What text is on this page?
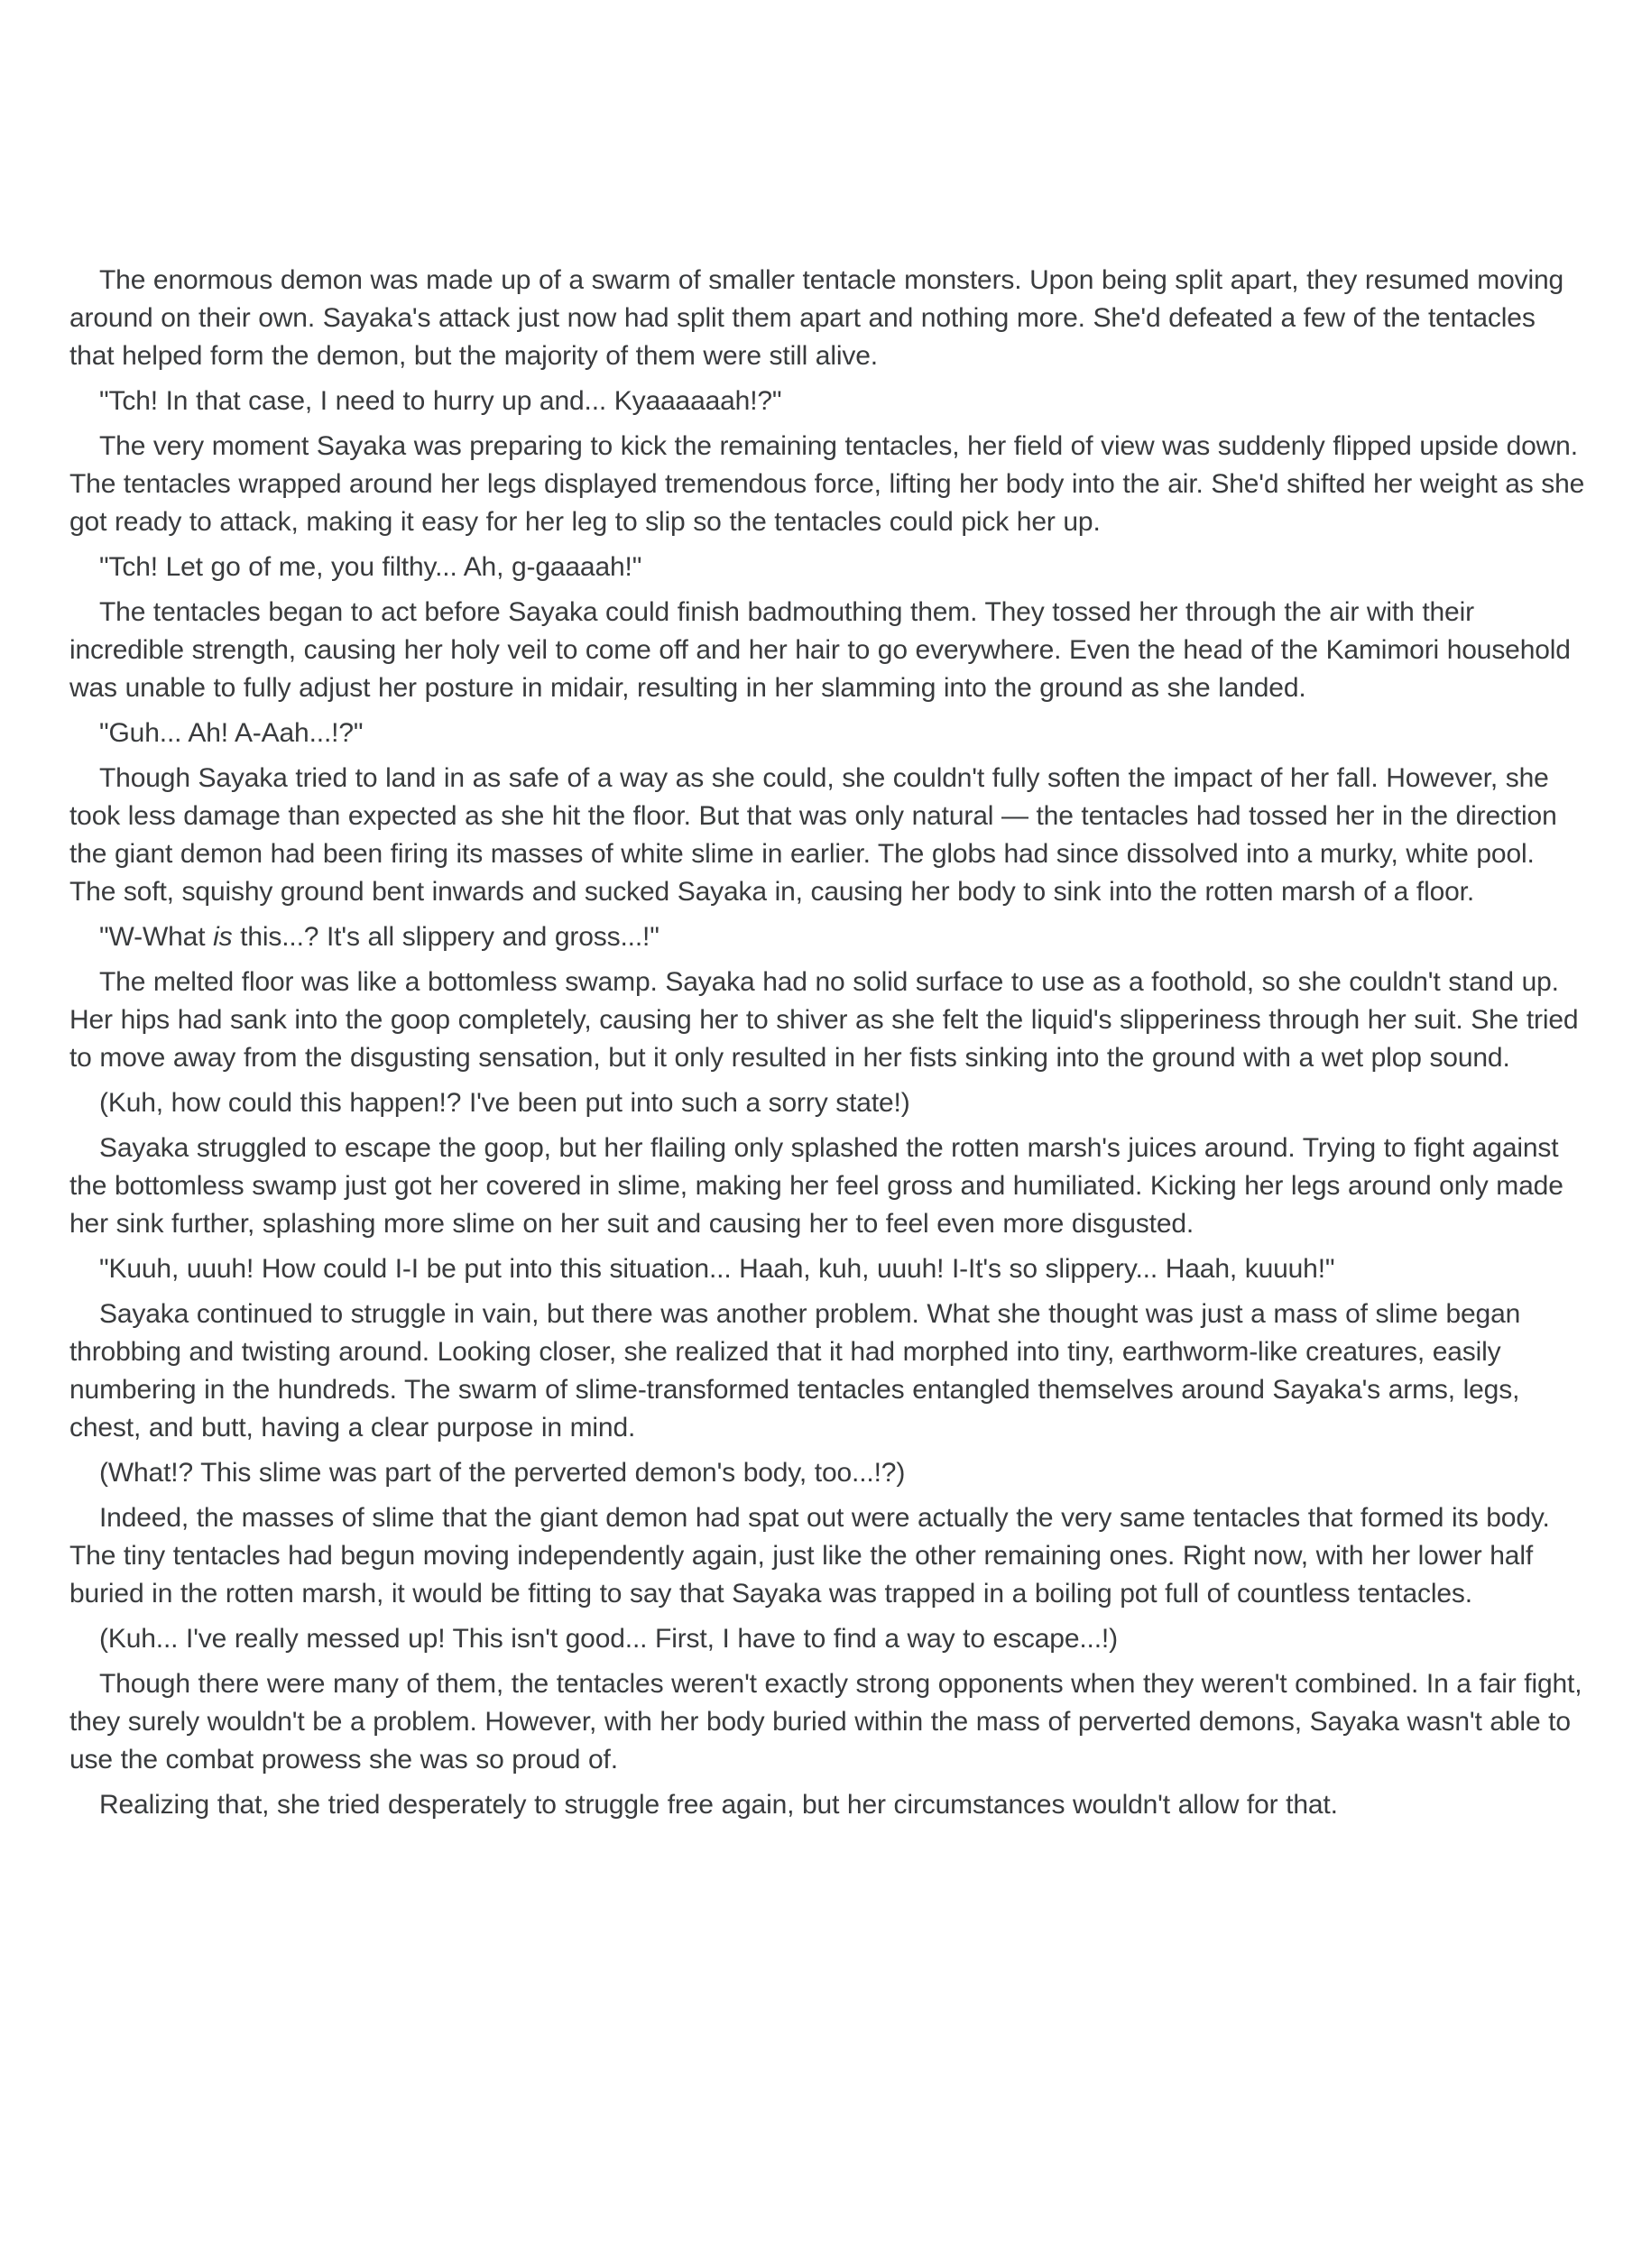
The enormous demon was made up of a swarm of smaller tentacle monsters. Upon being split apart, they resumed moving around on their own. Sayaka's attack just now had split them apart and nothing more. She'd defeated a few of the tentacles that helped form the demon, but the majority of them were still alive.

"Tch! In that case, I need to hurry up and... Kyaaaaaah!?"

The very moment Sayaka was preparing to kick the remaining tentacles, her field of view was suddenly flipped upside down. The tentacles wrapped around her legs displayed tremendous force, lifting her body into the air. She'd shifted her weight as she got ready to attack, making it easy for her leg to slip so the tentacles could pick her up.

"Tch! Let go of me, you filthy... Ah, g-gaaaah!"

The tentacles began to act before Sayaka could finish badmouthing them. They tossed her through the air with their incredible strength, causing her holy veil to come off and her hair to go everywhere. Even the head of the Kamimori household was unable to fully adjust her posture in midair, resulting in her slamming into the ground as she landed.

"Guh... Ah! A-Aah...!?"

Though Sayaka tried to land in as safe of a way as she could, she couldn't fully soften the impact of her fall. However, she took less damage than expected as she hit the floor. But that was only natural — the tentacles had tossed her in the direction the giant demon had been firing its masses of white slime in earlier. The globs had since dissolved into a murky, white pool. The soft, squishy ground bent inwards and sucked Sayaka in, causing her body to sink into the rotten marsh of a floor.

"W-What is this...? It's all slippery and gross...!"

The melted floor was like a bottomless swamp. Sayaka had no solid surface to use as a foothold, so she couldn't stand up. Her hips had sank into the goop completely, causing her to shiver as she felt the liquid's slipperiness through her suit. She tried to move away from the disgusting sensation, but it only resulted in her fists sinking into the ground with a wet plop sound.

(Kuh, how could this happen!? I've been put into such a sorry state!)

Sayaka struggled to escape the goop, but her flailing only splashed the rotten marsh's juices around. Trying to fight against the bottomless swamp just got her covered in slime, making her feel gross and humiliated. Kicking her legs around only made her sink further, splashing more slime on her suit and causing her to feel even more disgusted.

"Kuuh, uuuh! How could I-I be put into this situation... Haah, kuh, uuuh! I-It's so slippery... Haah, kuuuh!"

Sayaka continued to struggle in vain, but there was another problem. What she thought was just a mass of slime began throbbing and twisting around. Looking closer, she realized that it had morphed into tiny, earthworm-like creatures, easily numbering in the hundreds. The swarm of slime-transformed tentacles entangled themselves around Sayaka's arms, legs, chest, and butt, having a clear purpose in mind.

(What!? This slime was part of the perverted demon's body, too...!?)

Indeed, the masses of slime that the giant demon had spat out were actually the very same tentacles that formed its body. The tiny tentacles had begun moving independently again, just like the other remaining ones. Right now, with her lower half buried in the rotten marsh, it would be fitting to say that Sayaka was trapped in a boiling pot full of countless tentacles.

(Kuh... I've really messed up! This isn't good... First, I have to find a way to escape...!)

Though there were many of them, the tentacles weren't exactly strong opponents when they weren't combined. In a fair fight, they surely wouldn't be a problem. However, with her body buried within the mass of perverted demons, Sayaka wasn't able to use the combat prowess she was so proud of.

Realizing that, she tried desperately to struggle free again, but her circumstances wouldn't allow for that.
